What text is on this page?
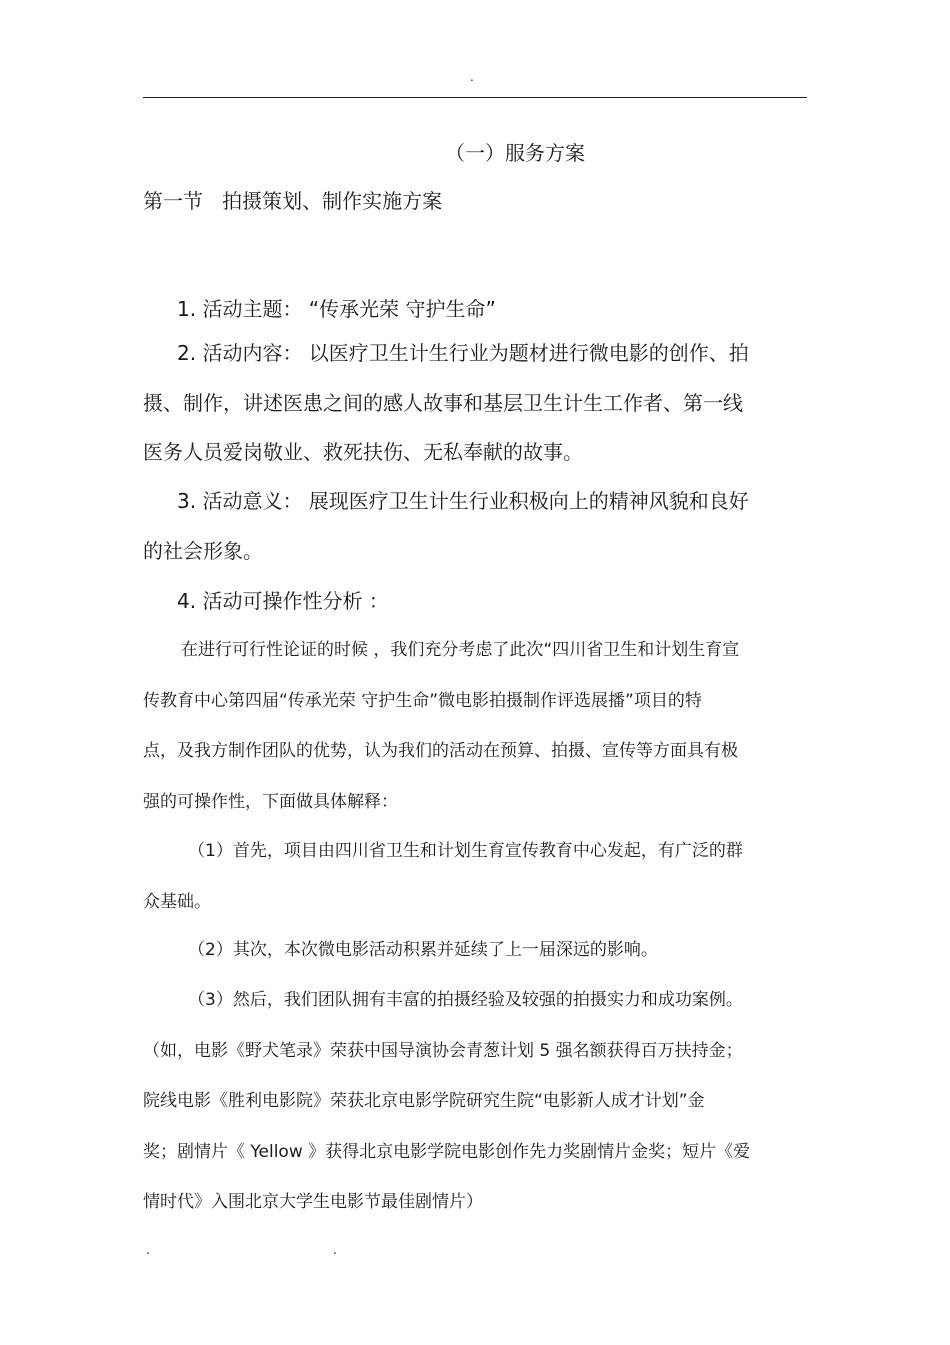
.
（一）服务方案
第一节   拍摄策划、制作实施方案
1. 活动主题： “传承光荣 守护生命”
2. 活动内容： 以医疗卫生计生行业为题材进行微电影的创作、拍
摄、制作，讲述医患之间的感人故事和基层卫生计生工作者、第一线
医务人员爱岗敬业、救死扶伤、无私奉献的故事。
3. 活动意义： 展现医疗卫生计生行业积极向上的精神风貌和良好
的社会形象。
4. 活动可操作性分析 ：
在进行可行性论证的时候 ，我们充分考虑了此次“四川省卫生和计划生育宣
传教育中心第四届“传承光荣 守护生命”微电影拍摄制作评选展播”项目的特
点，及我方制作团队的优势，认为我们的活动在预算、拍摄、宣传等方面具有极
强的可操作性，下面做具体解释：
（1）首先，项目由四川省卫生和计划生育宣传教育中心发起，有广泛的群
众基础。
（2）其次，本次微电影活动积累并延续了上一届深远的影响。
（3）然后，我们团队拥有丰富的拍摄经验及较强的拍摄实力和成功案例。
（如，电影《野犬笔录》荣获中国导演协会青葱计划 5 强名额获得百万扶持金；
院线电影《胜利电影院》荣获北京电影学院研究生院“电影新人成才计划”金
奖；剧情片《 Yellow 》获得北京电影学院电影创作先力奖剧情片金奖；短片《爱
情时代》入围北京大学生电影节最佳剧情片）
.	.
